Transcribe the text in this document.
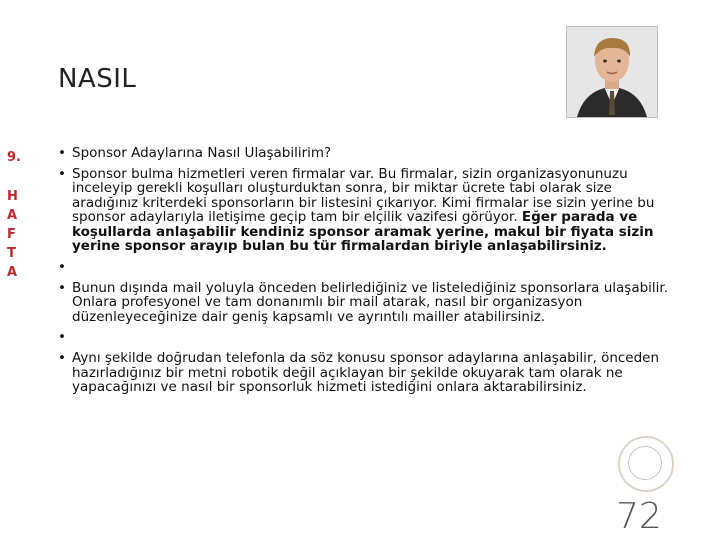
NASIL
9.
H
A
F
T
A
• Sponsor Adaylarına Nasıl Ulaşabilirim?
• Sponsor bulma hizmetleri veren firmalar var. Bu firmalar, sizin organizasyonunuzu inceleyip gerekli koşulları oluşturduktan sonra, bir miktar ücrete tabi olarak size aradığınız kriterdeki sponsorların bir listesini çıkarıyor. Kimi firmalar ise sizin yerine bu sponsor adaylarıyla iletişime geçip tam bir elçilik vazifesi görüyor. Eğer parada ve koşullarda anlaşabilir kendiniz sponsor aramak yerine, makul bir fiyata sizin yerine sponsor arayıp bulan bu tür firmalardan biriyle anlaşabilirsiniz.
•
• Bunun dışında mail yoluyla önceden belirlediğiniz ve listelediğiniz sponsorlara ulaşabilir. Onlara profesyonel ve tam donanımlı bir mail atarak, nasıl bir organizasyon düzenleyeceğinize dair geniş kapsamlı ve ayrıntılı mailler atabilirsiniz.
•
• Aynı şekilde doğrudan telefonla da söz konusu sponsor adaylarına anlaşabilir, önceden hazırladığınız bir metni robotik değil açıklayan bir şekilde okuyarak tam olarak ne yapacağınızı ve nasıl bir sponsorluk hizmeti istediğini onlara aktarabilirsiniz.
72
